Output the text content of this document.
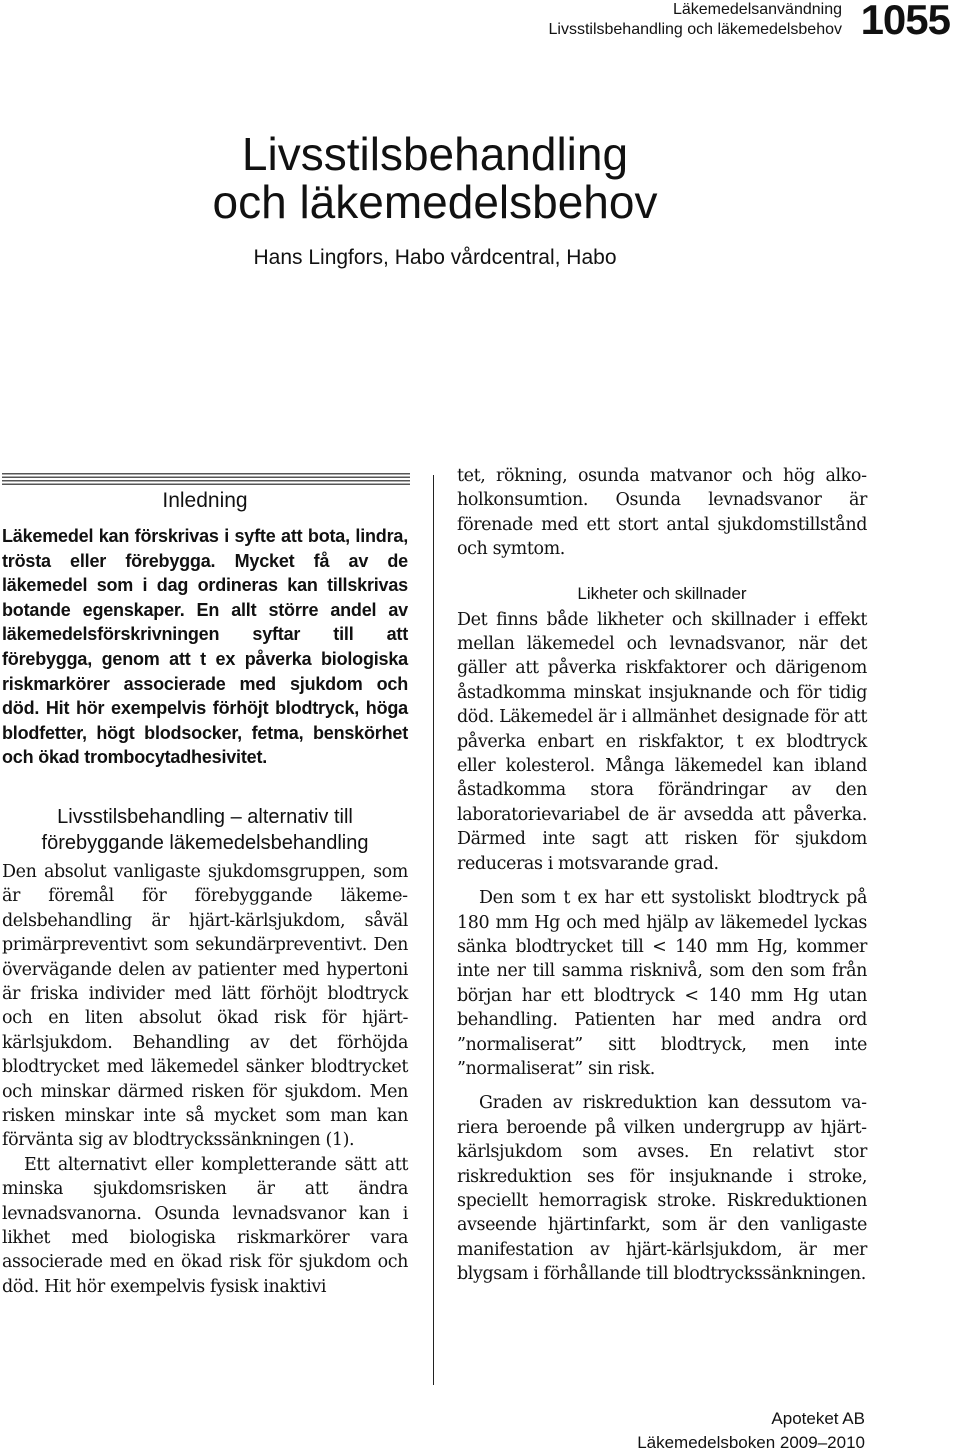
Läkemedelsanvändning
Livsstilsbehandling och läkemedelsbehov 1055
Livsstilsbehandling
och läkemedelsbehov
Hans Lingfors, Habo vårdcentral, Habo
Inledning

Läkemedel kan förskrivas i syfte att bota, lindra, trösta eller förebygga. Mycket få av de läkemedel som i dag ordineras kan tillskrivas botande egenskaper. En allt större andel av läkemedelsförskrivningen syftar till att förebygga, genom att t ex påverka biologiska riskmarkörer associerade med sjukdom och död. Hit hör exempelvis förhöjt blodtryck, höga blodfetter, högt blodsocker, fetma, benskörhet och ökad trombocytadhesivitet.

Livsstilsbehandling – alternativ till
förebyggande läkemedelsbehandling

Den absolut vanligaste sjukdomsgruppen, som är föremål för förebyggande läkemedelsbehandling är hjärt-kärlsjukdom, såväl primärpreventivt som sekundärpreventivt. Den övervägande delen av patienter med hypertoni är friska individer med lätt förhöjt blodtryck och en liten absolut ökad risk för hjärt-kärlsjukdom. Behandling av det förhöjda blodtrycket med läkemedel sänker blodtrycket och minskar därmed risken för sjukdom. Men risken minskar inte så mycket som man kan förvänta sig av blodtryckssänkningen (1).

Ett alternativt eller kompletterande sätt att minska sjukdomsrisken är att ändra levnadsvanorna. Osunda levnadsvanor kan i likhet med biologiska riskmarkörer vara associerade med en ökad risk för sjukdom och död. Hit hör exempelvis fysisk inaktivi

tet, rökning, osunda matvanor och hög alkoholkonsumtion. Osunda levnadsvanor är förenade med ett stort antal sjukdomstillstånd och symtom.

Likheter och skillnader

Det finns både likheter och skillnader i effekt mellan läkemedel och levnadsvanor, när det gäller att påverka riskfaktorer och därigenom åstadkomma minskat insjuknande och för tidig död. Läkemedel är i allmänhet designade för att påverka enbart en riskfaktor, t ex blodtryck eller kolesterol. Många läkemedel kan ibland åstadkomma stora förändringar av den laboratorievariabel de är avsedda att påverka. Därmed inte sagt att risken för sjukdom reduceras i motsvarande grad.

Den som t ex har ett systoliskt blodtryck på 180 mm Hg och med hjälp av läkemedel lyckas sänka blodtrycket till < 140 mm Hg, kommer inte ner till samma risknivå, som den som från början har ett blodtryck < 140 mm Hg utan behandling. Patienten har med andra ord ”normaliserat” sitt blodtryck, men inte ”normaliserat” sin risk.

Graden av riskreduktion kan dessutom variera beroende på vilken undergrupp av hjärtkärlsjukdom som avses. En relativt stor riskreduktion ses för insjuknande i stroke, speciellt hemorragisk stroke. Riskreduktionen avseende hjärtinfarkt, som är den vanligaste manifestation av hjärt-kärlsjukdom, är mer blygsam i förhållande till blodtryckssänkningen.

Apoteket AB
Läkemedelsboken 2009–2010
